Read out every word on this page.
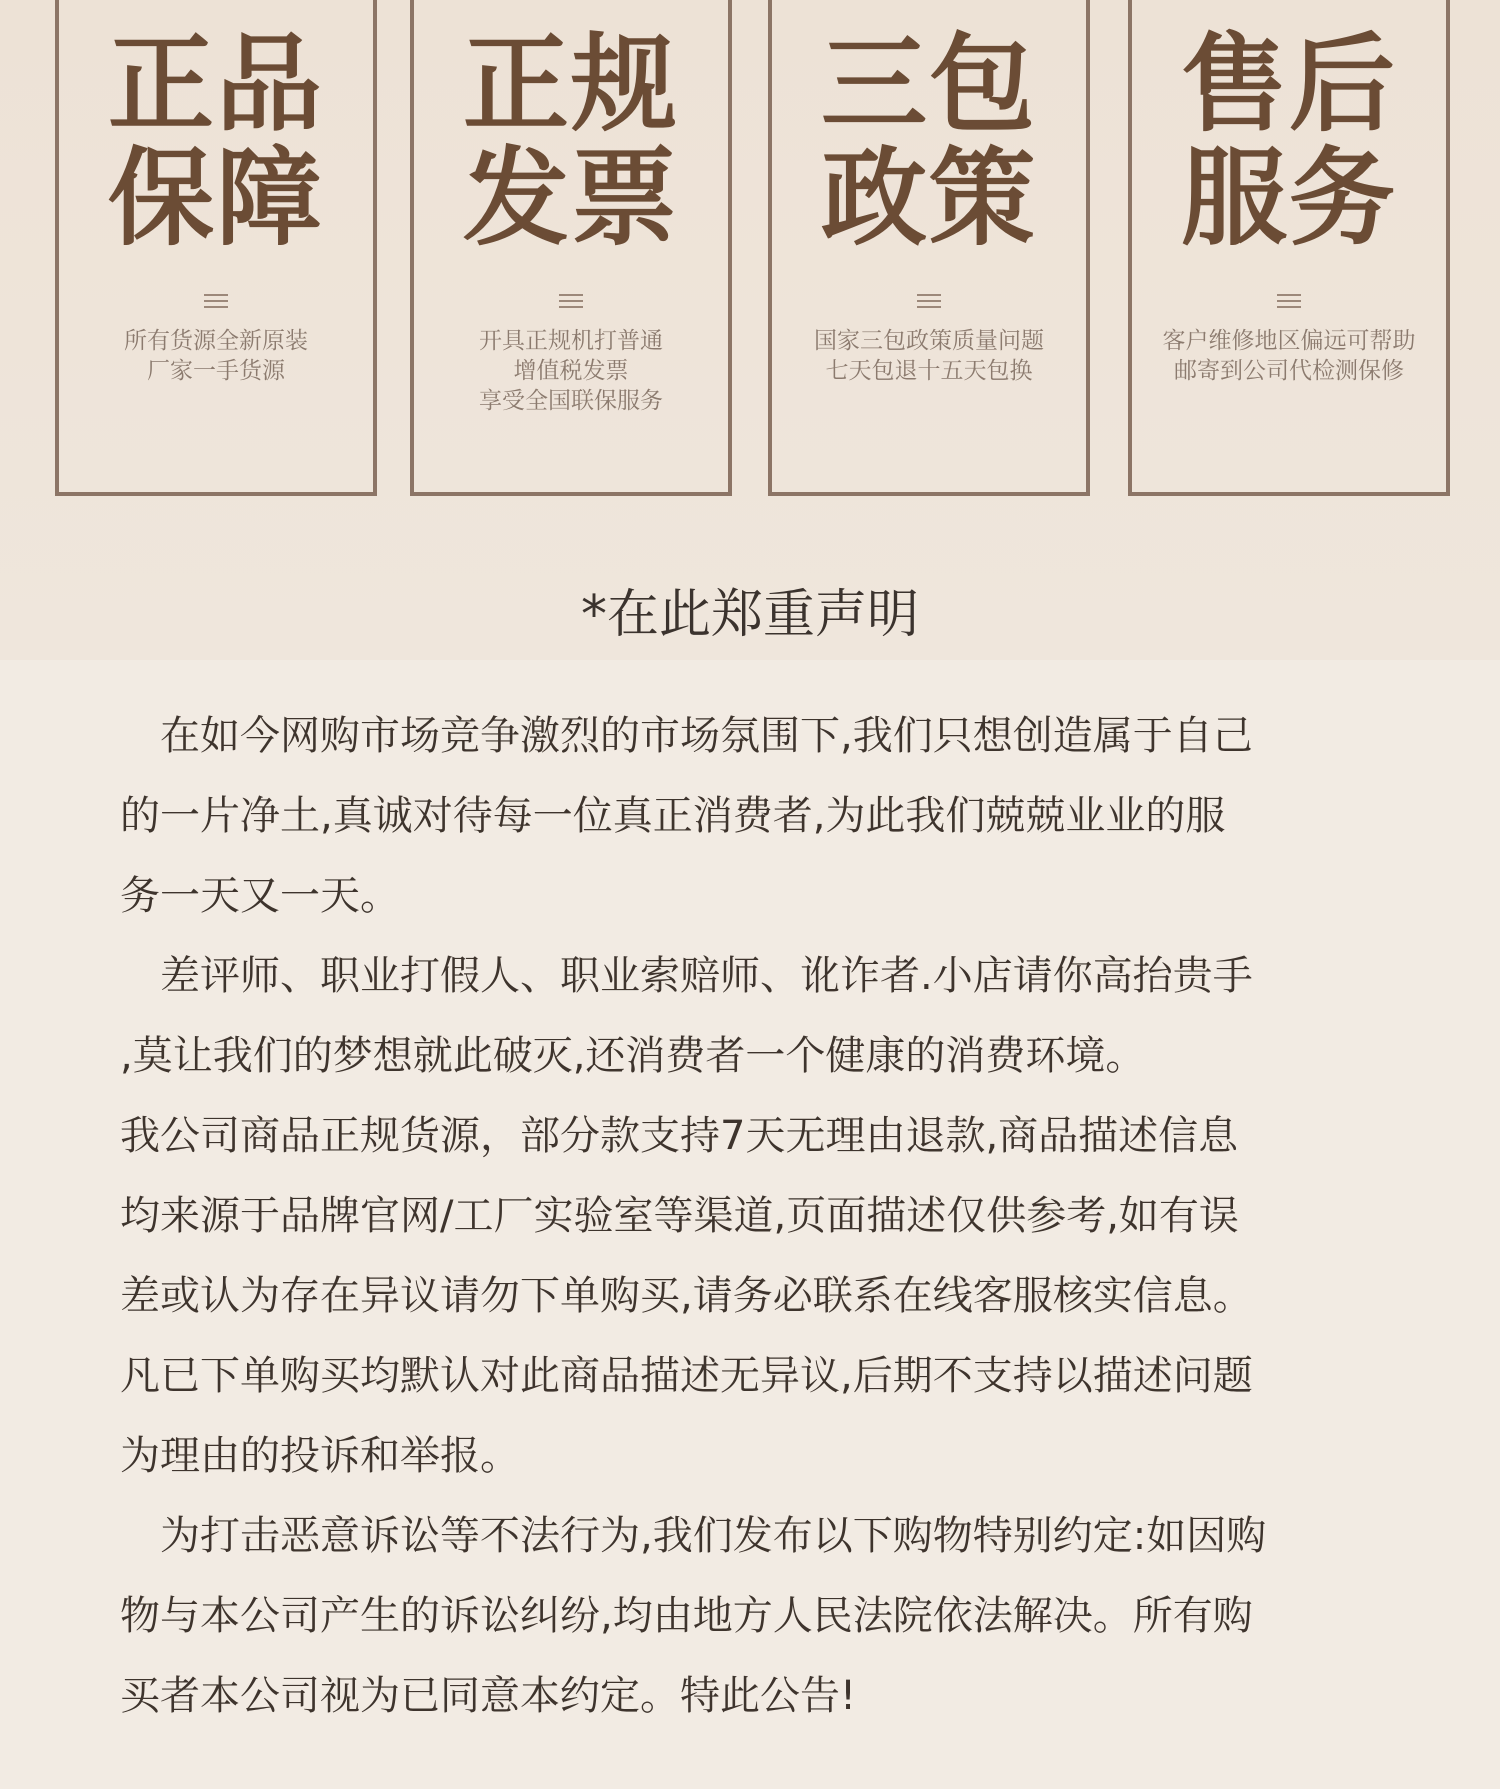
正品
保障
所有货源全新原装
厂家一手货源
正规
发票
开具正规机打普通
增值税发票
享受全国联保服务
三包
政策
国家三包政策质量问题
七天包退十五天包换
售后
服务
客户维修地区偏远可帮助
邮寄到公司代检测保修
*在此郑重声明

　在如今网购市场竞争激烈的市场氛围下,我们只想创造属于自己

的一片净土,真诚对待每一位真正消费者,为此我们兢兢业业的服

务一天又一天。

　差评师、职业打假人、职业索赔师、讹诈者.小店请你高抬贵手

,莫让我们的梦想就此破灭,还消费者一个健康的消费环境。

我公司商品正规货源，部分款支持7天无理由退款,商品描述信息

均来源于品牌官网/工厂实验室等渠道,页面描述仅供参考,如有误

差或认为存在异议请勿下单购买,请务必联系在线客服核实信息。

凡已下单购买均默认对此商品描述无异议,后期不支持以描述问题

为理由的投诉和举报。

　为打击恶意诉讼等不法行为,我们发布以下购物特别约定:如因购

物与本公司产生的诉讼纠纷,均由地方人民法院依法解决。所有购

买者本公司视为已同意本约定。特此公告!
